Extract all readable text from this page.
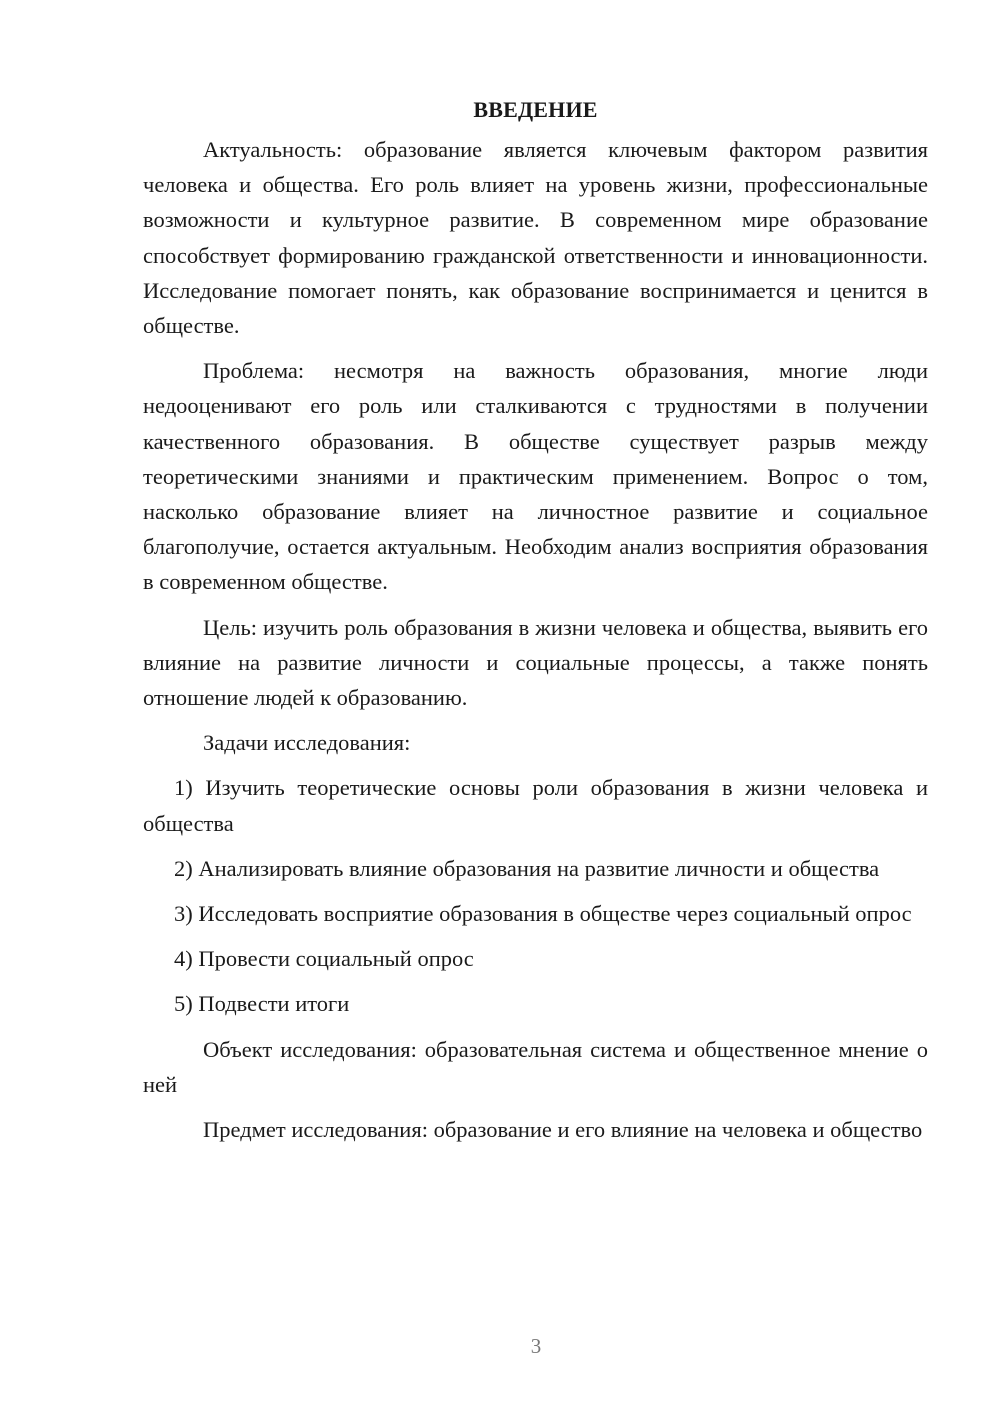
ВВЕДЕНИЕ

Актуальность: образование является ключевым фактором развития человека и общества. Его роль влияет на уровень жизни, профессиональные возможности и культурное развитие. В современном мире образование способствует формированию гражданской ответственности и инновационности. Исследование помогает понять, как образование воспринимается и ценится в обществе.

Проблема: несмотря на важность образования, многие люди недооценивают его роль или сталкиваются с трудностями в получении качественного образования. В обществе существует разрыв между теоретическими знаниями и практическим применением. Вопрос о том, насколько образование влияет на личностное развитие и социальное благополучие, остается актуальным. Необходим анализ восприятия образования в современном обществе.

Цель: изучить роль образования в жизни человека и общества, выявить его влияние на развитие личности и социальные процессы, а также понять отношение людей к образованию.

Задачи исследования:

1) Изучить теоретические основы роли образования в жизни человека и общества

2) Анализировать влияние образования на развитие личности и общества

3) Исследовать восприятие образования в обществе через социальный опрос

4) Провести социальный опрос

5) Подвести итоги

Объект исследования: образовательная система и общественное мнение о ней

Предмет исследования: образование и его влияние на человека и общество

3
